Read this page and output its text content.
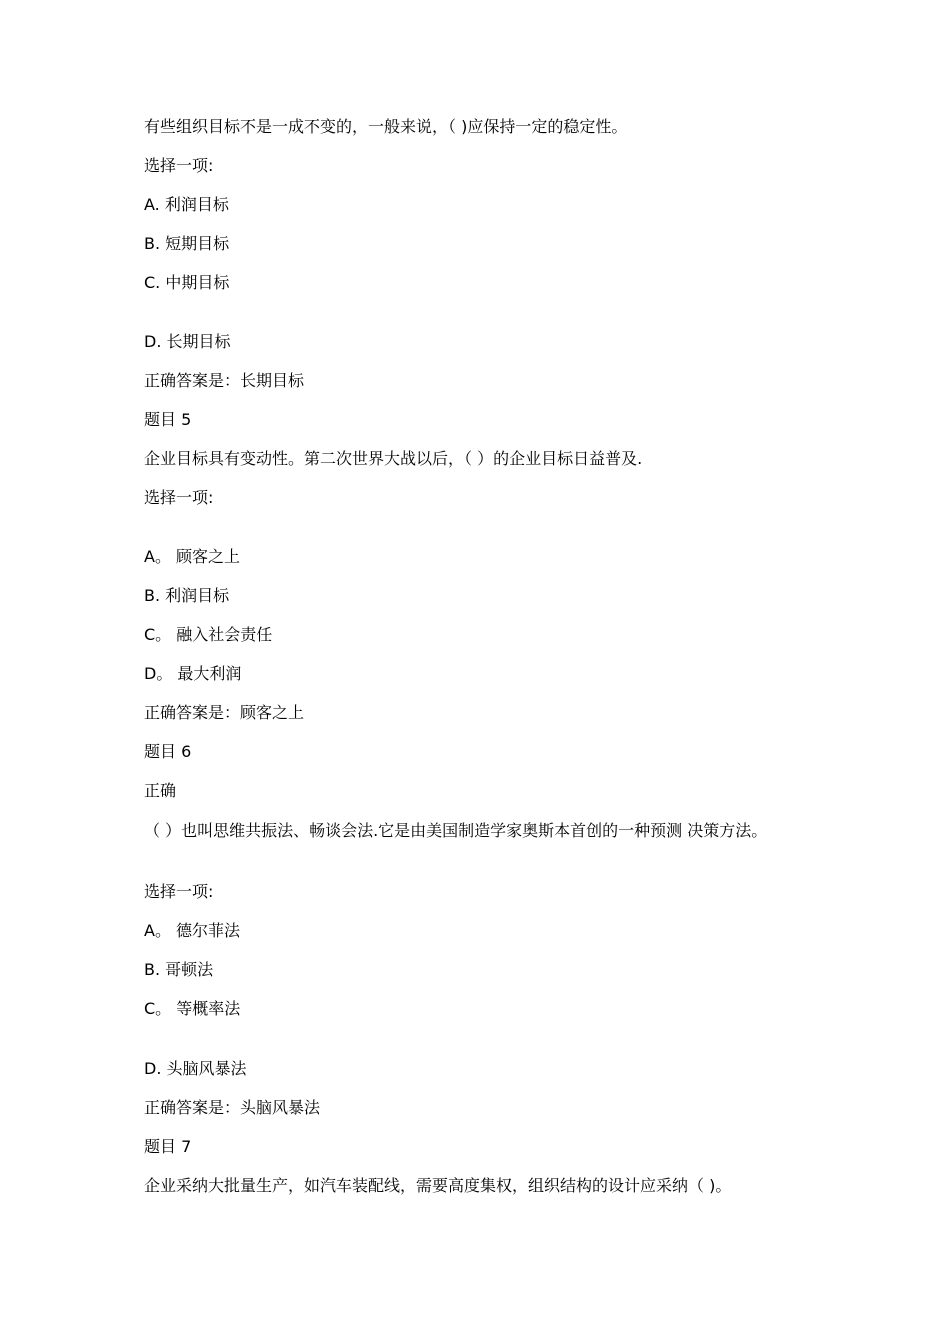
有些组织目标不是一成不变的，一般来说，（ )应保持一定的稳定性。
选择一项:
A. 利润目标
B. 短期目标
C. 中期目标
D. 长期目标
正确答案是：长期目标
题目 5
企业目标具有变动性。第二次世界大战以后，（ ）的企业目标日益普及.
选择一项:
A。 顾客之上
B. 利润目标
C。 融入社会责任
D。 最大利润
正确答案是：顾客之上
题目 6
正确
（ ）也叫思维共振法、畅谈会法.它是由美国制造学家奥斯本首创的一种预测 决策方法。
选择一项:
A。 德尔菲法
B. 哥顿法
C。 等概率法
D. 头脑风暴法
正确答案是：头脑风暴法
题目 7
企业采纳大批量生产，如汽车装配线，需要高度集权，组织结构的设计应采纳（ )。
